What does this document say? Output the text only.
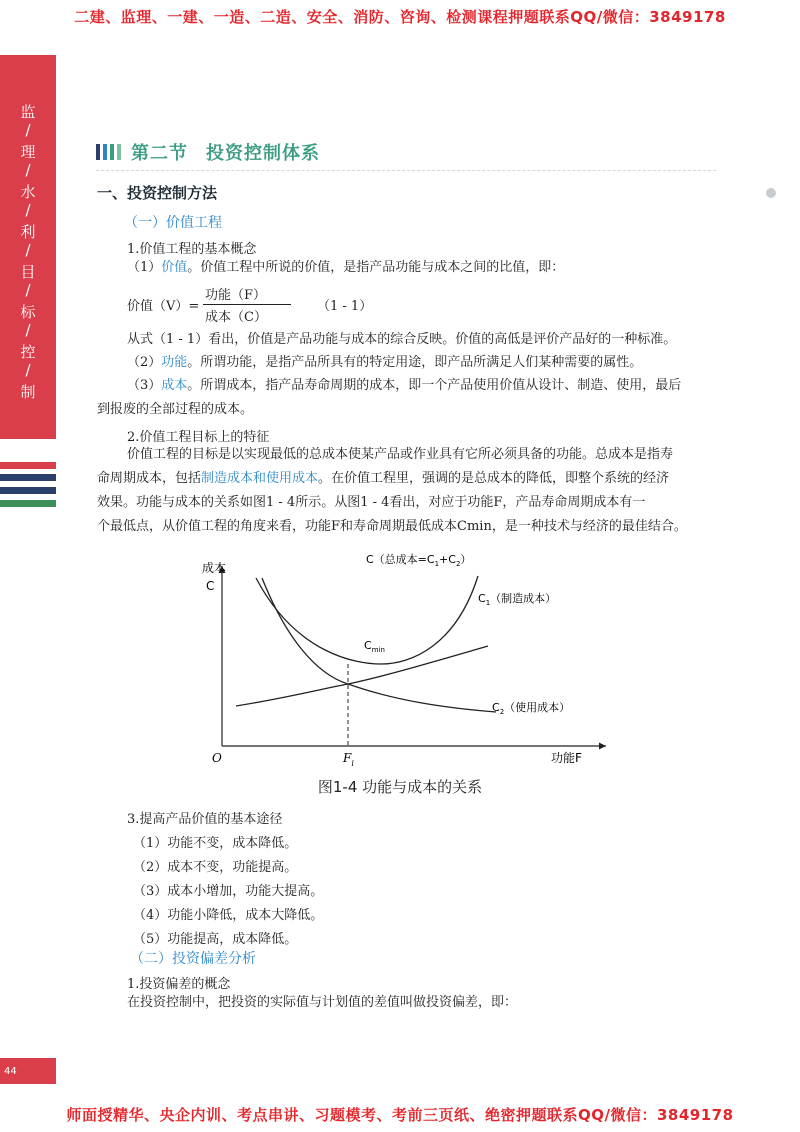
二建、监理、一建、一造、二造、安全、消防、咨询、检测课程押题联系QQ/微信：3849178
师面授精华、央企内训、考点串讲、习题模考、考前三页纸、绝密押题联系QQ/微信：3849178
监
/
理
/
水
/
利
/
目
/
标
/
控
/
制
44
第二节 投资控制体系
一、投资控制方法
（一）价值工程
1.价值工程的基本概念
（1）价值。价值工程中所说的价值，是指产品功能与成本之间的比值，即：
价值（V）=
功能（F）
成本（C）
（1 - 1）
从式（1 - 1）看出，价值是产品功能与成本的综合反映。价值的高低是评价产品好的一种标准。
（2）功能。所谓功能，是指产品所具有的特定用途，即产品所满足人们某种需要的属性。
（3）成本。所谓成本，指产品寿命周期的成本，即一个产品使用价值从设计、制造、使用，最后
到报废的全部过程的成本。
2.价值工程目标上的特征
价值工程的目标是以实现最低的总成本使某产品或作业具有它所必须具备的功能。总成本是指寿
命周期成本，包括制造成本和使用成本。在价值工程里，强调的是总成本的降低，即整个系统的经济
效果。功能与成本的关系如图1 - 4所示。从图1 - 4看出，对应于功能F，产品寿命周期成本有一
个最低点，从价值工程的角度来看，功能F和寿命周期最低成本Cmin，是一种技术与经济的最佳结合。
成本
C
O	功能F
$F_i$
C（总成本$=C_1+C_2$）
$C_1$（制造成本）
$C_2$（使用成本）
$C_{min}$
图1-4 功能与成本的关系
3.提高产品价值的基本途径
（1）功能不变，成本降低。
（2）成本不变，功能提高。
（3）成本小增加，功能大提高。
（4）功能小降低，成本大降低。
（5）功能提高，成本降低。
（二）投资偏差分析
1.投资偏差的概念
在投资控制中，把投资的实际值与计划值的差值叫做投资偏差，即：
